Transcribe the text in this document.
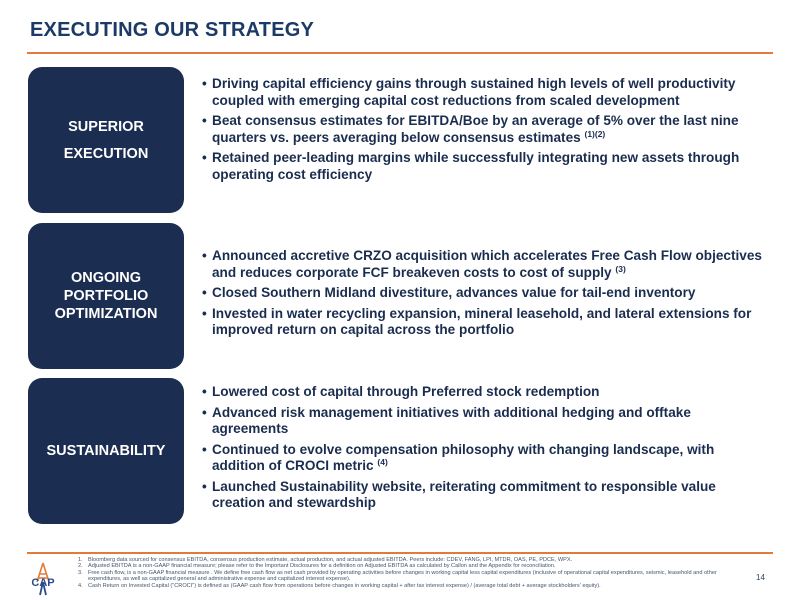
EXECUTING OUR STRATEGY
SUPERIOR
EXECUTION
• Driving capital efficiency gains through sustained high levels of well productivity coupled with emerging capital cost reductions from scaled development
• Beat consensus estimates for EBITDA/Boe by an average of 5% over the last nine quarters vs. peers averaging below consensus estimates $^{(1)(2)}$
• Retained peer-leading margins while successfully integrating new assets through operating cost efficiency
ONGOING
PORTFOLIO
OPTIMIZATION
• Announced accretive CRZO acquisition which accelerates Free Cash Flow objectives and reduces corporate FCF breakeven costs to cost of supply $^{(3)}$
• Closed Southern Midland divestiture, advances value for tail-end inventory
• Invested in water recycling expansion, mineral leasehold, and lateral extensions for improved return on capital across the portfolio
SUSTAINABILITY
• Lowered cost of capital through Preferred stock redemption
• Advanced risk management initiatives with additional hedging and offtake agreements
• Continued to evolve compensation philosophy with changing landscape, with addition of CROCI metric $^{(4)}$
• Launched Sustainability website, reiterating commitment to responsible value creation and stewardship
CAP
1. Bloomberg data sourced for consensus EBITDA, consensus production estimate, actual production, and actual adjusted EBITDA. Peers include: CDEV, FANG, LPI, MTDR, OAS, PE, PDCE, WPX.
2. Adjusted EBITDA is a non-GAAP financial measure; please refer to the Important Disclosures for a definition on Adjusted EBITDA as calculated by Callon and the Appendix for reconciliation.
3. Free cash flow, is a non-GAAP financial measure . We define free cash flow as net cash provided by operating activities before changes in working capital less capital expenditures (inclusive of operational capital expenditures, seismic, leasehold and other expenditures, as well as capitalized general and administrative expense and capitalized interest expense).
4. Cash Return on Invested Capital ("CROCI") is defined as (GAAP cash flow from operations before changes in working capital + after tax interest expense) / (average total debt + average stockholders' equity).
14
